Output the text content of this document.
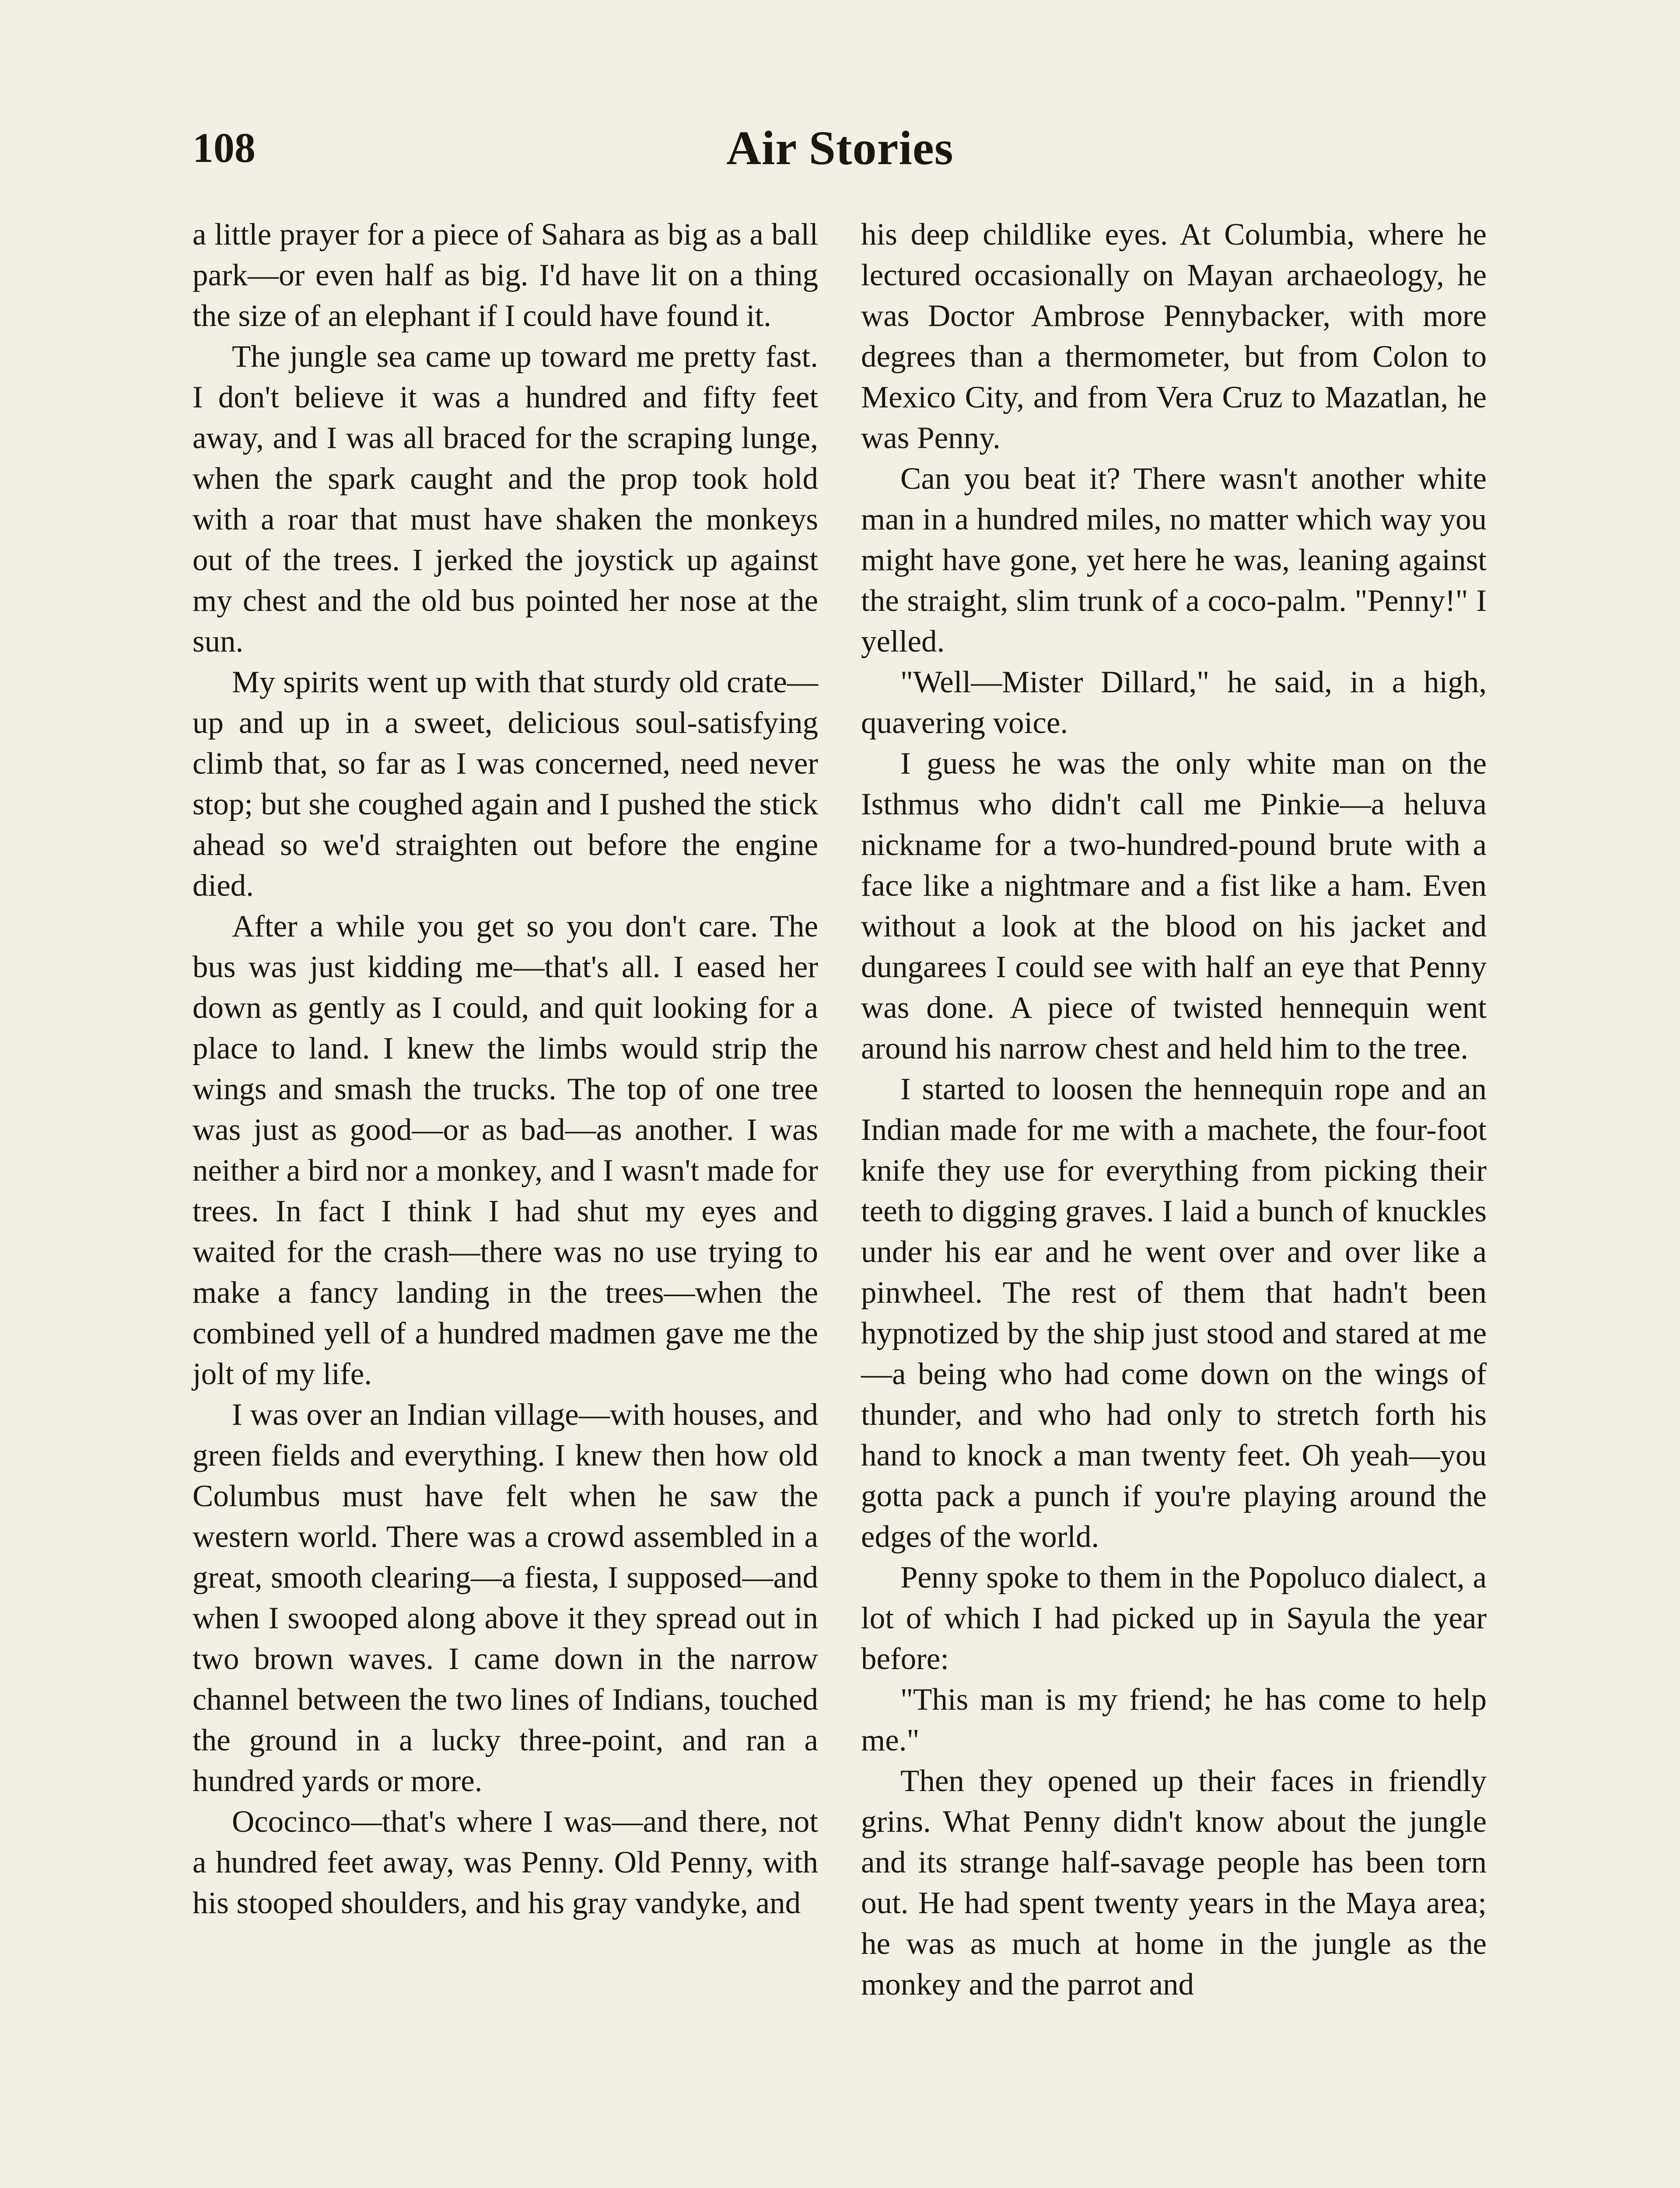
108	Air Stories

a little prayer for a piece of Sahara as big as a ball park—or even half as big. I'd have lit on a thing the size of an elephant if I could have found it.

The jungle sea came up toward me pretty fast. I don't believe it was a hundred and fifty feet away, and I was all braced for the scraping lunge, when the spark caught and the prop took hold with a roar that must have shaken the monkeys out of the trees. I jerked the joystick up against my chest and the old bus pointed her nose at the sun.

My spirits went up with that sturdy old crate—up and up in a sweet, delicious soul-satisfying climb that, so far as I was concerned, need never stop; but she coughed again and I pushed the stick ahead so we'd straighten out before the engine died.

After a while you get so you don't care. The bus was just kidding me—that's all. I eased her down as gently as I could, and quit looking for a place to land. I knew the limbs would strip the wings and smash the trucks. The top of one tree was just as good—or as bad—as another. I was neither a bird nor a monkey, and I wasn't made for trees. In fact I think I had shut my eyes and waited for the crash—there was no use trying to make a fancy landing in the trees—when the combined yell of a hundred madmen gave me the jolt of my life.

I was over an Indian village—with houses, and green fields and everything. I knew then how old Columbus must have felt when he saw the western world. There was a crowd assembled in a great, smooth clearing—a fiesta, I supposed—and when I swooped along above it they spread out in two brown waves. I came down in the narrow channel between the two lines of Indians, touched the ground in a lucky three-point, and ran a hundred yards or more.

Ococinco—that's where I was—and there, not a hundred feet away, was Penny. Old Penny, with his stooped shoulders, and his gray vandyke, and

his deep childlike eyes. At Columbia, where he lectured occasionally on Mayan archaeology, he was Doctor Ambrose Pennybacker, with more degrees than a thermometer, but from Colon to Mexico City, and from Vera Cruz to Mazatlan, he was Penny.

Can you beat it? There wasn't another white man in a hundred miles, no matter which way you might have gone, yet here he was, leaning against the straight, slim trunk of a coco-palm. "Penny!" I yelled.

"Well—Mister Dillard," he said, in a high, quavering voice.

I guess he was the only white man on the Isthmus who didn't call me Pinkie—a heluva nickname for a two-hundred-pound brute with a face like a nightmare and a fist like a ham. Even without a look at the blood on his jacket and dungarees I could see with half an eye that Penny was done. A piece of twisted hennequin went around his narrow chest and held him to the tree.

I started to loosen the hennequin rope and an Indian made for me with a machete, the four-foot knife they use for everything from picking their teeth to digging graves. I laid a bunch of knuckles under his ear and he went over and over like a pinwheel. The rest of them that hadn't been hypnotized by the ship just stood and stared at me—a being who had come down on the wings of thunder, and who had only to stretch forth his hand to knock a man twenty feet. Oh yeah—you gotta pack a punch if you're playing around the edges of the world.

Penny spoke to them in the Popoluco dialect, a lot of which I had picked up in Sayula the year before:

"This man is my friend; he has come to help me."

Then they opened up their faces in friendly grins. What Penny didn't know about the jungle and its strange half-savage people has been torn out. He had spent twenty years in the Maya area; he was as much at home in the jungle as the monkey and the parrot and
